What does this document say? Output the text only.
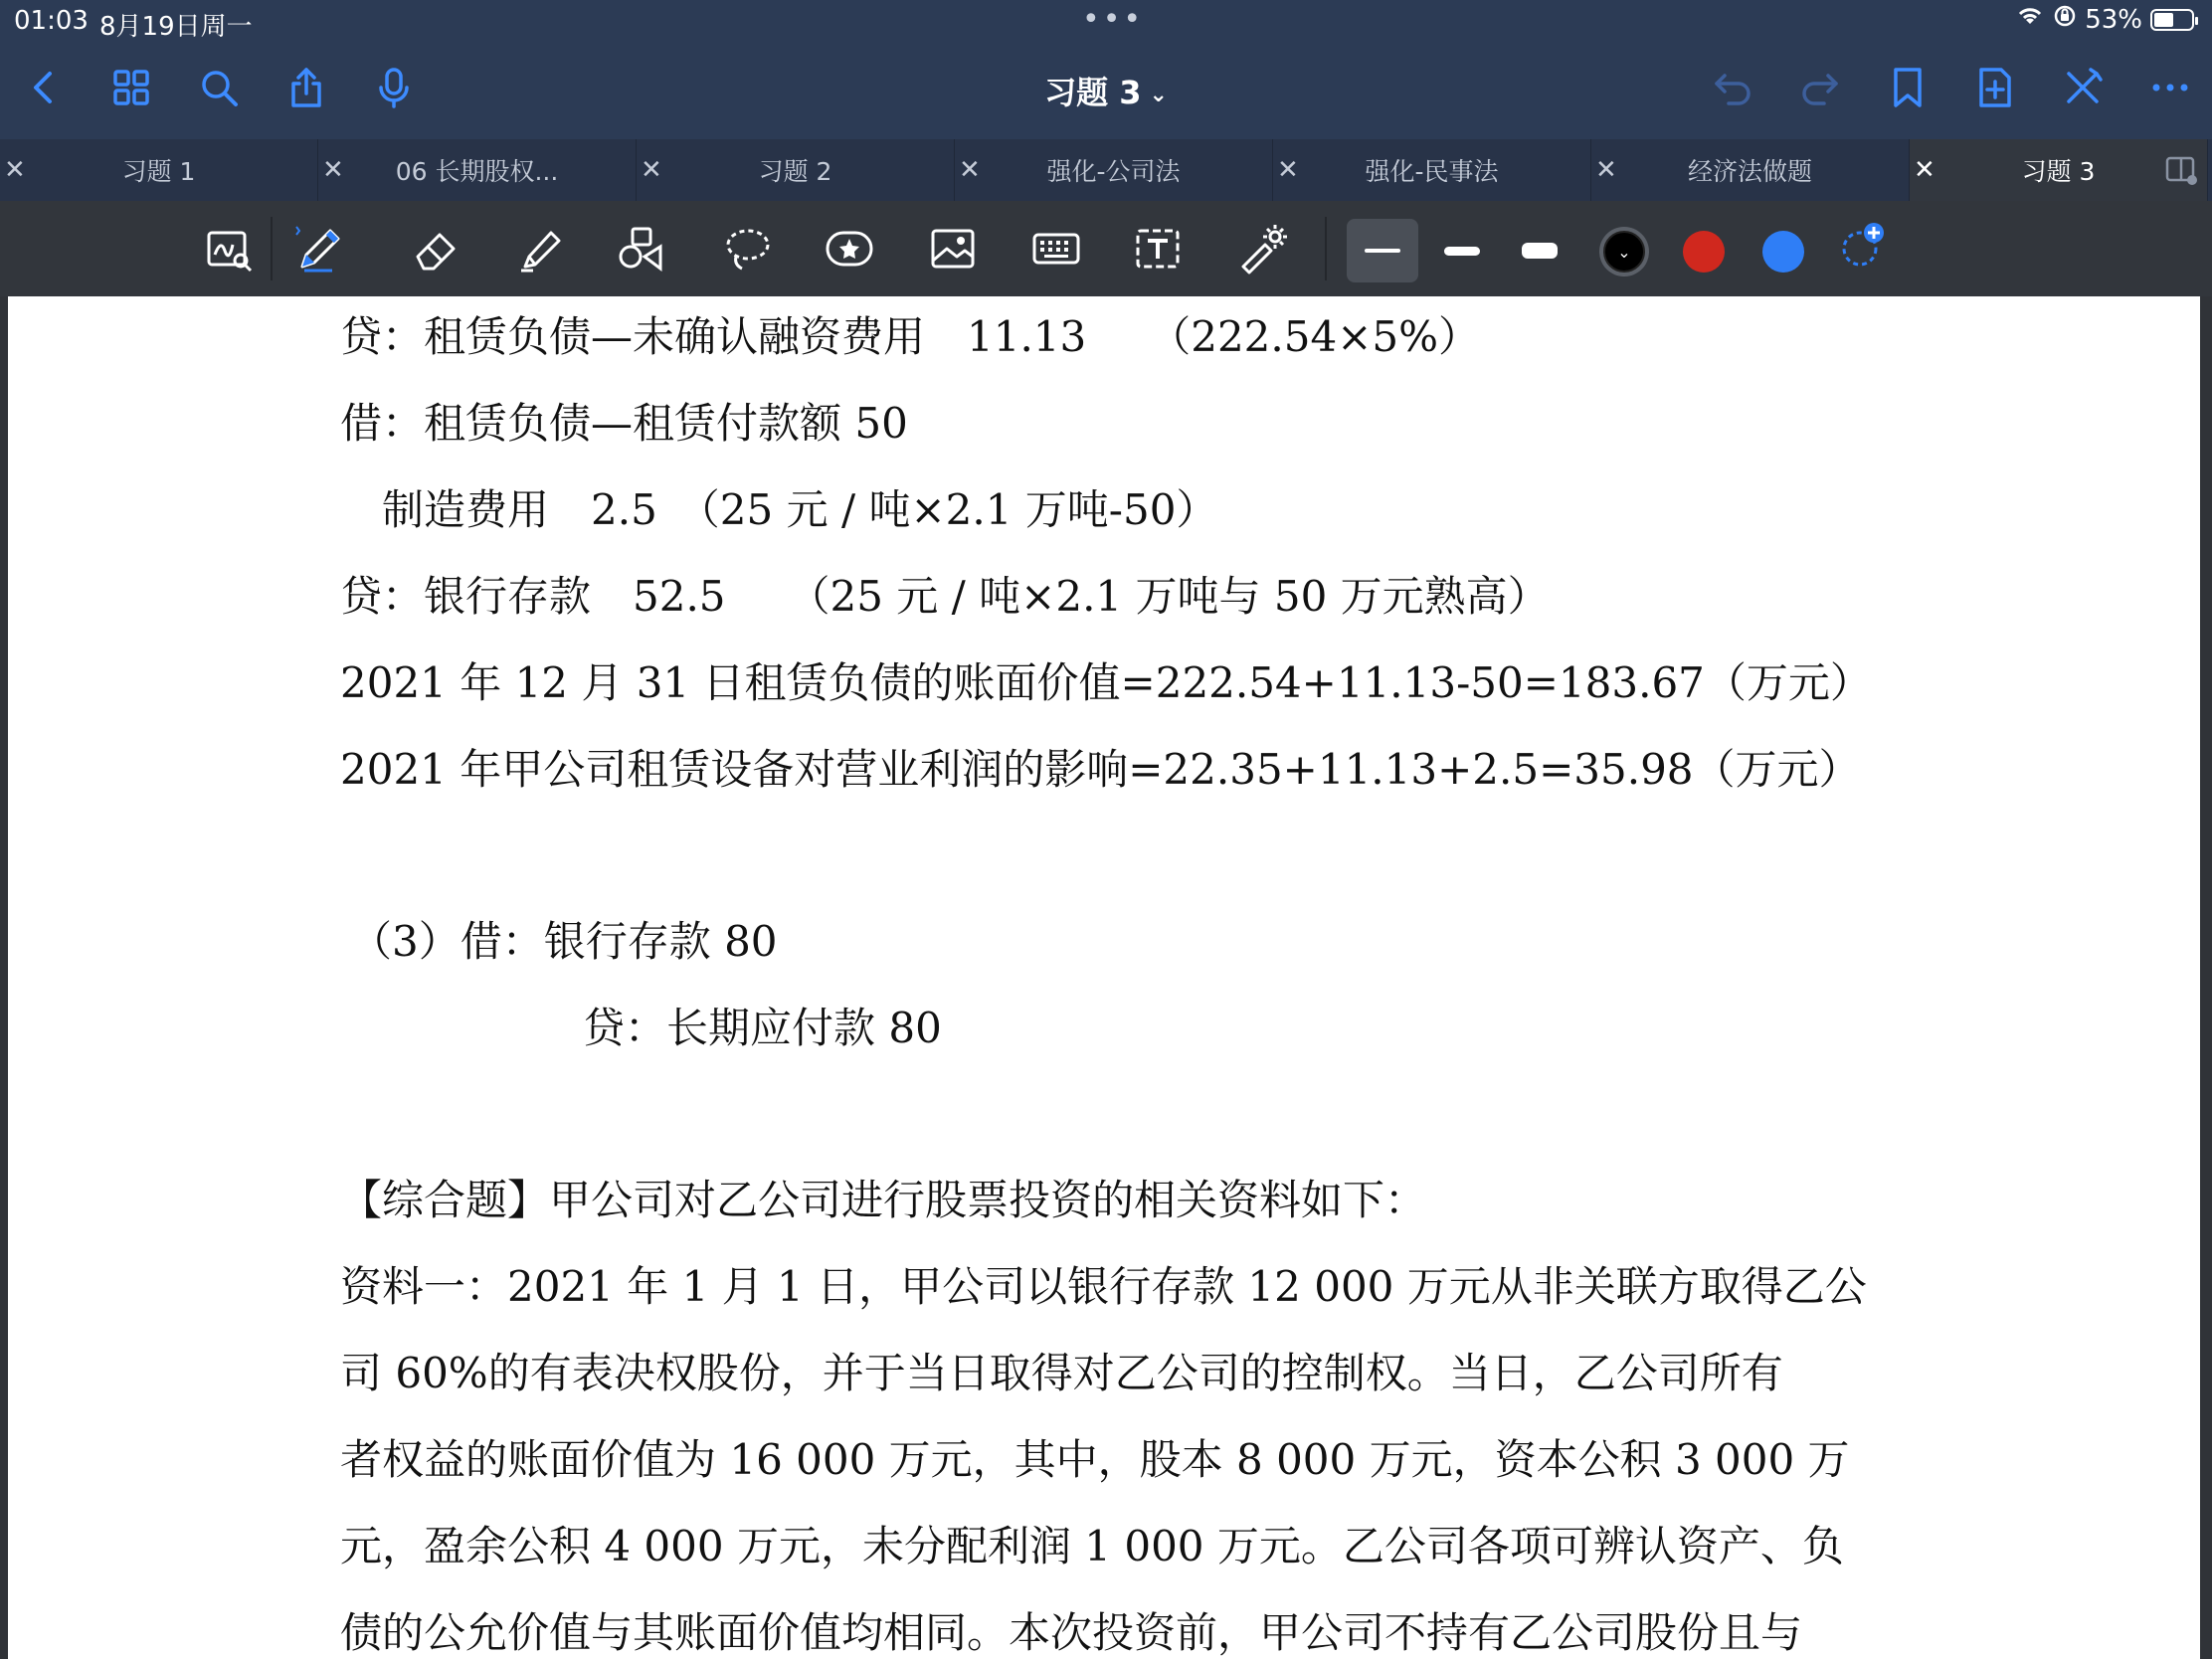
01:03 8月19日周一	•••	53%
习题 3 ⌄
✕	习题 1	✕ 06 长期股权...	✕	习题 2	✕	强化-公司法	✕	强化-民事法	✕	经济法做题	✕	习题 3
⌄
贷：租赁负债—未确认融资费用　11.13　　（222.54×5%）
借：租赁负债—租赁付款额 50
　制造费用　2.5　（25 元 / 吨×2.1 万吨-50）
贷：银行存款　52.5　　（25 元 / 吨×2.1 万吨与 50 万元熟高）
2021 年 12 月 31 日租赁负债的账面价值=222.54+11.13-50=183.67（万元）
2021 年甲公司租赁设备对营业利润的影响=22.35+11.13+2.5=35.98（万元）
（3）借：银行存款 80
贷：长期应付款 80
【综合题】甲公司对乙公司进行股票投资的相关资料如下：
资料一：2021 年 1 月 1 日，甲公司以银行存款 12 000 万元从非关联方取得乙公
司 60%的有表决权股份，并于当日取得对乙公司的控制权。当日，乙公司所有
者权益的账面价值为 16 000 万元，其中，股本 8 000 万元，资本公积 3 000 万
元，盈余公积 4 000 万元，未分配利润 1 000 万元。乙公司各项可辨认资产、负
债的公允价值与其账面价值均相同。本次投资前，甲公司不持有乙公司股份且与
